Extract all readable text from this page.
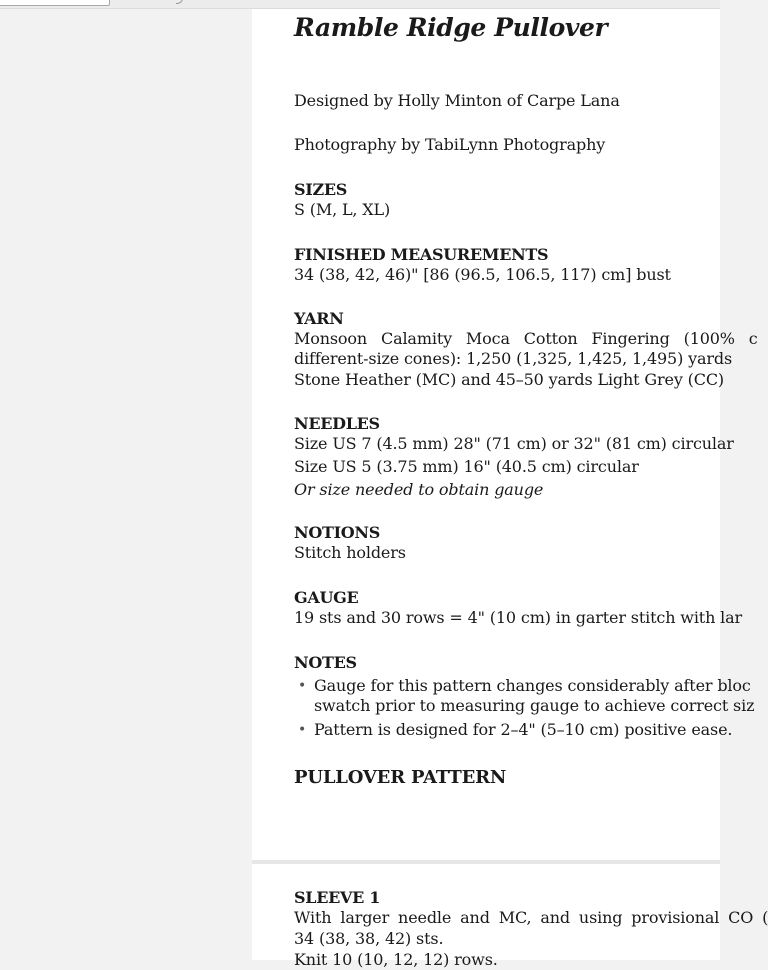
Ramble Ridge Pullover
Designed by Holly Minton of Carpe Lana
Photography by TabiLynn Photography
SIZES
S (M, L, XL)
FINISHED MEASUREMENTS
34 (38, 42, 46)" [86 (96.5, 106.5, 117) cm] bust
YARN
Monsoon Calamity Moca Cotton Fingering (100% c
different-size cones): 1,250 (1,325, 1,425, 1,495) yards
Stone Heather (MC) and 45–50 yards Light Grey (CC)
NEEDLES
Size US 7 (4.5 mm) 28" (71 cm) or 32" (81 cm) circular
Size US 5 (3.75 mm) 16" (40.5 cm) circular
Or size needed to obtain gauge
NOTIONS
Stitch holders
GAUGE
19 sts and 30 rows = 4" (10 cm) in garter stitch with lar
NOTES
• Gauge for this pattern changes considerably after bloc
swatch prior to measuring gauge to achieve correct siz
• Pattern is designed for 2–4" (5–10 cm) positive ease.
PULLOVER PATTERN
SLEEVE 1
With larger needle and MC, and using provisional CO (
34 (38, 38, 42) sts.
Knit 10 (10, 12, 12) rows.
